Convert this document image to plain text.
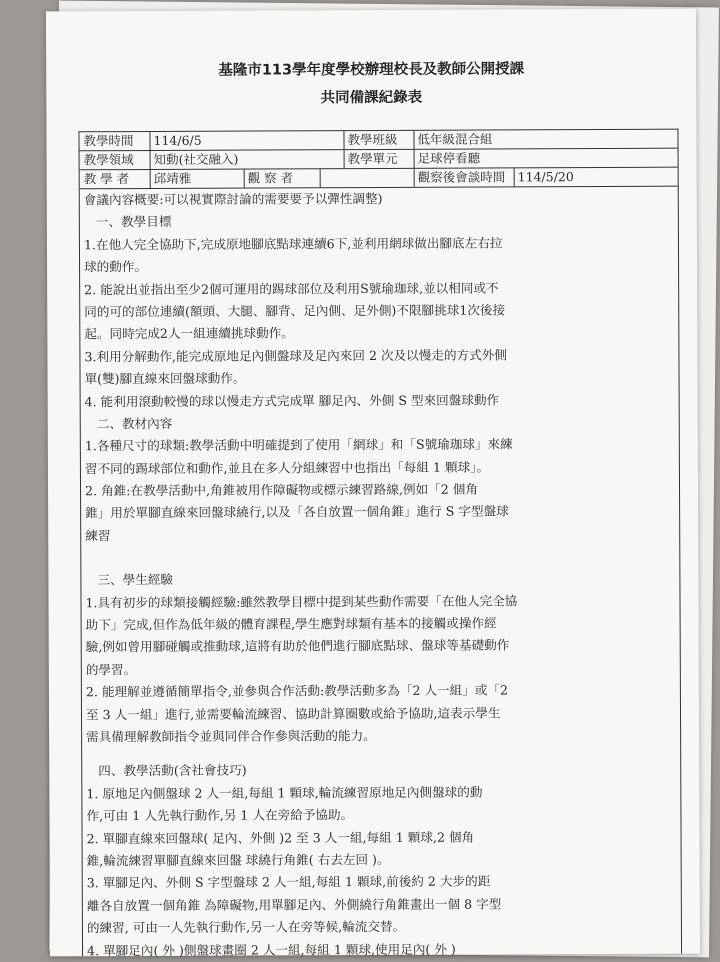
基隆市113學年度學校辦理校長及教師公開授課
共同備課紀錄表
教學時間	114/6/5	教學班級	低年級混合組
教學領域	知動(社交融入)	教學單元	足球停看聽
教 學 者	邱靖雅	觀 察 者	觀察後會談時間 114/5/20
會議內容概要:可以視實際討論的需要要予以彈性調整)
一、教學目標
1.在他人完全協助下,完成原地腳底點球連續6下,並利用網球做出腳底左右拉
球的動作。
2. 能說出並指出至少2個可運用的踢球部位及利用S號瑜珈球,並以相同或不
同的可的部位連續(額頭、大腿、腳背、足內側、足外側)不限腳挑球1次後接
起。同時完成2人一組連續挑球動作。
3.利用分解動作,能完成原地足內側盤球及足內來回 2 次及以慢走的方式外側
單(雙)腳直線來回盤球動作。
4. 能利用滾動較慢的球以慢走方式完成單 腳足內、外側 S 型來回盤球動作
二、教材內容
1.各種尺寸的球類:教學活動中明確提到了使用「網球」和「S號瑜珈球」來練
習不同的踢球部位和動作,並且在多人分組練習中也指出「每組 1 顆球」。
2. 角錐:在教學活動中,角錐被用作障礙物或標示練習路線,例如「2 個角
錐」用於單腳直線來回盤球繞行,以及「各自放置一個角錐」進行 S 字型盤球
練習
三、學生經驗
1.具有初步的球類接觸經驗:雖然教學目標中提到某些動作需要「在他人完全協
助下」完成,但作為低年級的體育課程,學生應對球類有基本的接觸或操作經
驗,例如曾用腳碰觸或推動球,這將有助於他們進行腳底點球、盤球等基礎動作
的學習。
2. 能理解並遵循簡單指令,並參與合作活動:教學活動多為「2 人一組」或「2
至 3 人一組」進行,並需要輪流練習、協助計算圈數或給予協助,這表示學生
需具備理解教師指令並與同伴合作參與活動的能力。
四、教學活動(含社會技巧)
1. 原地足內側盤球 2 人一組,每組 1 顆球,輪流練習原地足內側盤球的動
作,可由 1 人先執行動作,另 1 人在旁給予協助。
2. 單腳直線來回盤球( 足內、外側 )2 至 3 人一組,每組 1 顆球,2 個角
錐,輪流練習單腳直線來回盤 球繞行角錐( 右去左回 )。
3. 單腳足內、外側 S 字型盤球 2 人一組,每組 1 顆球,前後約 2 大步的距
離各自放置一個角錐 為障礙物,用單腳足內、外側繞行角錐畫出一個 8 字型
的練習, 可由一人先執行動作,另一人在旁等候,輪流交替。
4. 單腳足內( 外 )側盤球畫圈 2 人一組,每組 1 顆球,使用足內( 外 )
